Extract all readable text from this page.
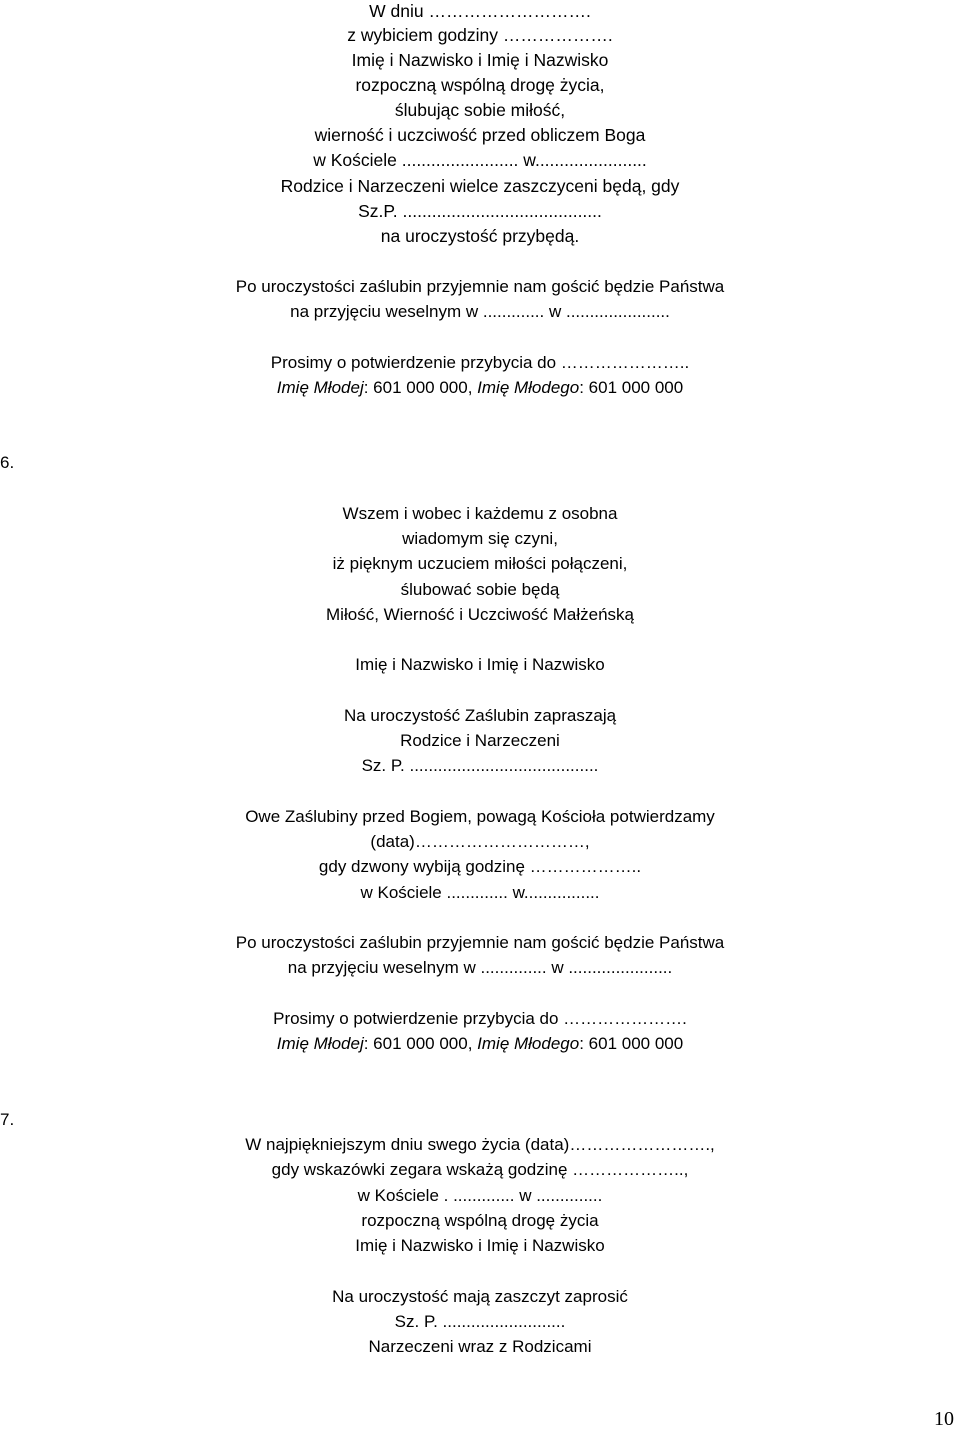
W dniu ……………………….
z wybiciem godziny ……………….
Imię i Nazwisko i Imię i Nazwisko
rozpoczną wspólną drogę życia,
ślubując sobie miłość,
wierność i uczciwość przed obliczem Boga
w Kościele ........................ w.......................
Rodzice i Narzeczeni wielce zaszczyceni będą, gdy
Sz.P. .........................................
na uroczystość przybędą.
Po uroczystości zaślubin przyjemnie nam gościć będzie Państwa
na przyjęciu weselnym w ............. w ......................
Prosimy o potwierdzenie przybycia do …………………..
Imię Młodej: 601 000 000, Imię Młodego: 601 000 000
6.
Wszem i wobec i każdemu z osobna
wiadomym się czyni,
iż pięknym uczuciem miłości połączeni,
ślubować sobie będą
Miłość, Wierność i Uczciwość Małżeńską
Imię i Nazwisko i Imię i Nazwisko
Na uroczystość Zaślubin zapraszają
Rodzice i Narzeczeni
Sz. P. ........................................
Owe Zaślubiny przed Bogiem, powagą Kościoła potwierdzamy
(data)…………………………,
gdy dzwony wybiją godzinę ………………..
w Kościele ............. w................
Po uroczystości zaślubin przyjemnie nam gościć będzie Państwa
na przyjęciu weselnym w .............. w ......................
Prosimy o potwierdzenie przybycia do ………………….
Imię Młodej: 601 000 000, Imię Młodego: 601 000 000
7.
W najpiękniejszym dniu swego życia (data)…………………….,
gdy wskazówki zegara wskażą godzinę ………………..,
w Kościele . ............. w ..............
rozpoczną wspólną drogę życia
Imię i Nazwisko i Imię i Nazwisko
Na uroczystość mają zaszczyt zaprosić
Sz. P. ..........................
Narzeczeni wraz z Rodzicami
10
